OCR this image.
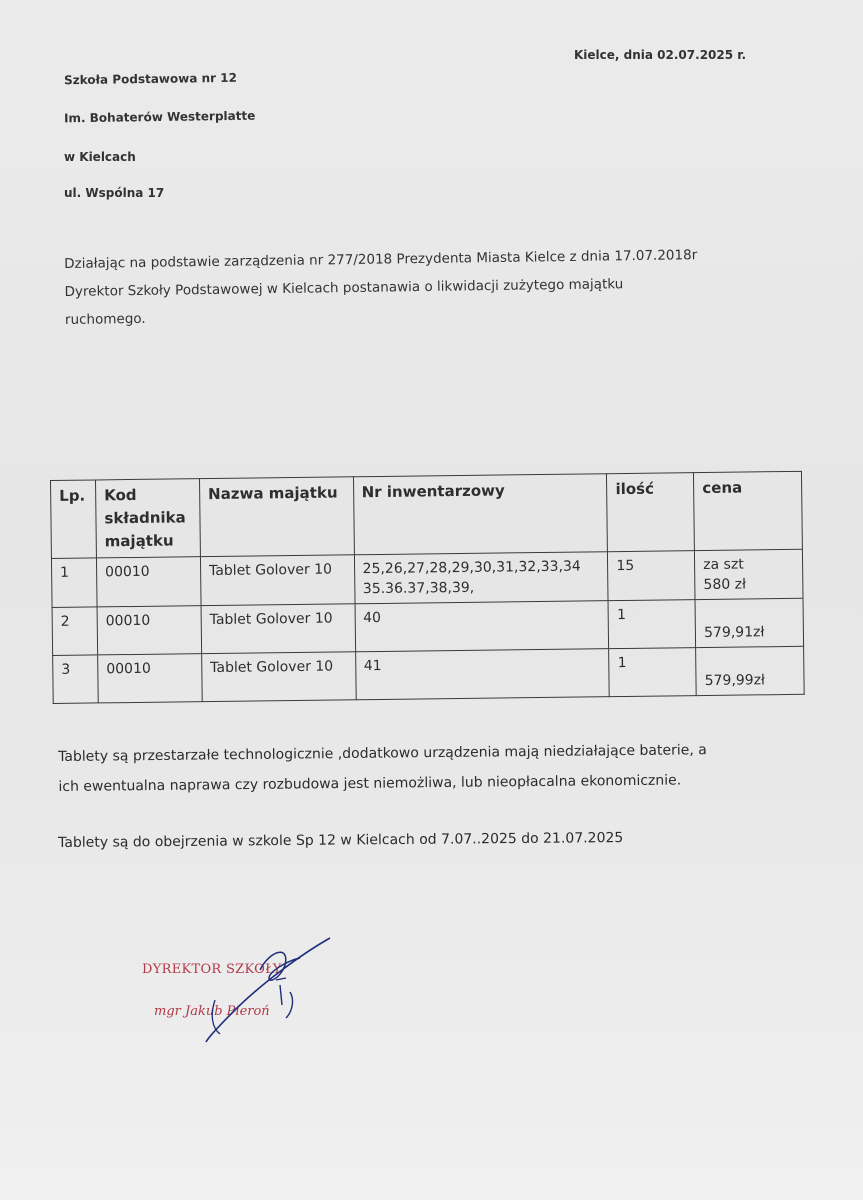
Kielce, dnia 02.07.2025 r.
Szkoła Podstawowa nr 12
Im. Bohaterów Westerplatte
w Kielcach
ul. Wspólna 17
Działając na podstawie zarządzenia nr 277/2018 Prezydenta Miasta Kielce z dnia 17.07.2018r
Dyrektor Szkoły Podstawowej w Kielcach postanawia o likwidacji zużytego majątku
ruchomego.
Lp.	Kod składnika majątku	Nazwa majątku	Nr inwentarzowy	ilość	cena
1	00010	Tablet Golover 10	25,26,27,28,29,30,31,32,33,34 35.36.37,38,39,	15	za szt
580 zł

2	00010	Tablet Golover 10	40	1	579,91zł

3	00010	Tablet Golover 10	41	1	579,99zł
Tablety są przestarzałe technologicznie ,dodatkowo urządzenia mają niedziałające baterie, a
ich ewentualna naprawa czy rozbudowa jest niemożliwa, lub nieopłacalna ekonomicznie.
Tablety są do obejrzenia w szkole Sp 12 w Kielcach od 7.07..2025 do 21.07.2025
DYREKTOR SZKOŁY
mgr Jakub Pieroń
